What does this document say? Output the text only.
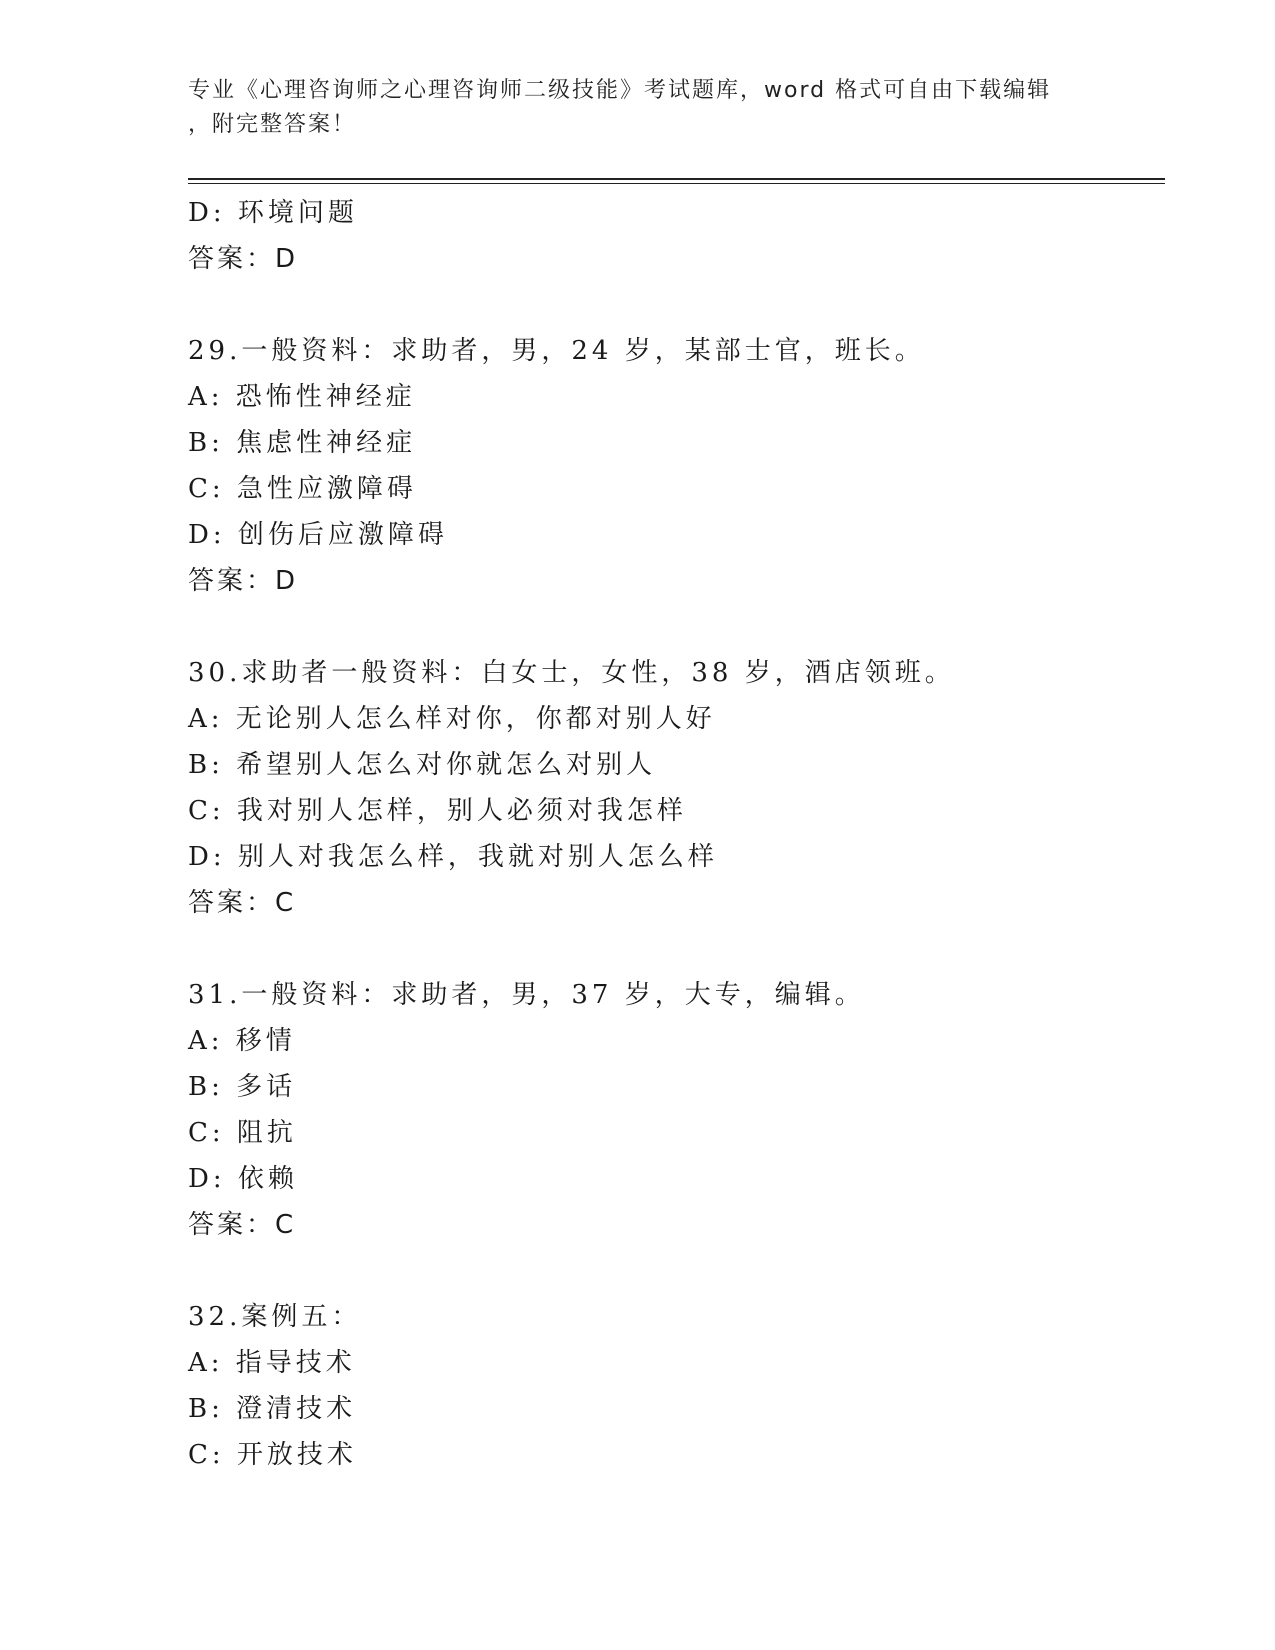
专业《心理咨询师之心理咨询师二级技能》考试题库，word 格式可自由下载编辑
，附完整答案！
D: 环境问题
答案：D
29.一般资料：求助者，男，24 岁，某部士官，班长。
A: 恐怖性神经症
B: 焦虑性神经症
C: 急性应激障碍
D: 创伤后应激障碍
答案：D
30.求助者一般资料：白女士，女性，38 岁，酒店领班。
A: 无论别人怎么样对你，你都对别人好
B: 希望别人怎么对你就怎么对别人
C: 我对别人怎样，别人必须对我怎样
D: 别人对我怎么样，我就对别人怎么样
答案：C
31.一般资料：求助者，男，37 岁，大专，编辑。
A: 移情
B: 多话
C: 阻抗
D: 依赖
答案：C
32.案例五：
A: 指导技术
B: 澄清技术
C: 开放技术
